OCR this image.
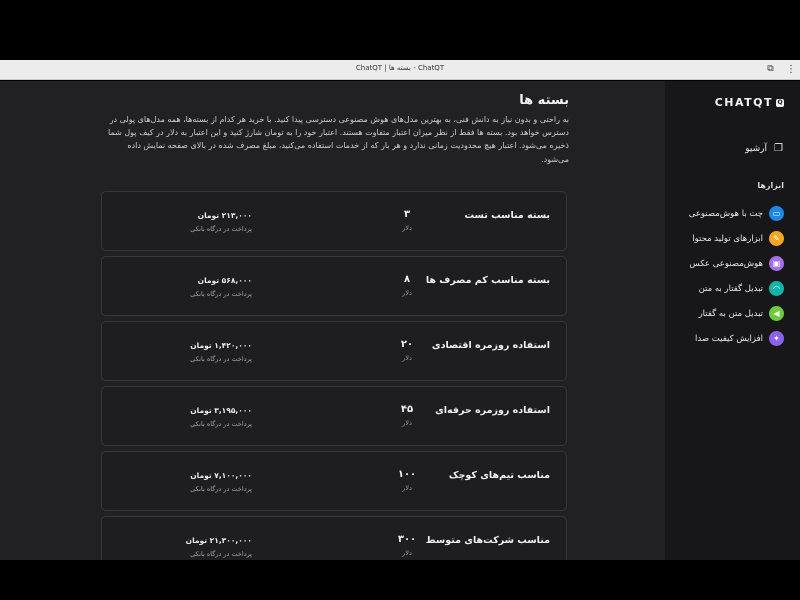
ChatQT - بسته ها | ChatQT	⧉ ⋮
CHATQT Q
❐
آرشیو
ابزارها
▭
چت با هوش‌مصنوعی
✎
ابزارهای تولید محتوا
▣
هوش‌مصنوعی عکس
◠
تبدیل گفتار به متن
◀
تبدیل متن به گفتار
✦
افزایش کیفیت صدا
بسته ها

به راحتی و بدون نیاز به دانش فنی، به بهترین مدل‌های هوش مصنوعی دسترسی پیدا کنید. با خرید هر کدام از بسته‌ها، همه مدل‌های پولی در دسترس خواهد بود. بسته ها فقط از نظر میزان اعتبار متفاوت هستند. اعتبار خود را به تومان شارژ کنید و این اعتبار به دلار در کیف پول شما ذخیره می‌شود. اعتبار هیچ محدودیت زمانی ندارد و هر بار که از خدمات استفاده می‌کنید، مبلغ مصرف شده در بالای صفحه نمایش داده می‌شود.

بسته مناسب تست
۳
دلار
۲۱۳,۰۰۰ تومان
پرداخت در درگاه بانکی
بسته مناسب کم مصرف ها
۸
دلار
۵۶۸,۰۰۰ تومان
پرداخت در درگاه بانکی
استفاده روزمره اقتصادی
۲۰
دلار
۱,۴۲۰,۰۰۰ تومان
پرداخت در درگاه بانکی
استفاده روزمره حرفه‌ای
۴۵
دلار
۳,۱۹۵,۰۰۰ تومان
پرداخت در درگاه بانکی
مناسب تیم‌های کوچک
۱۰۰
دلار
۷,۱۰۰,۰۰۰ تومان
پرداخت در درگاه بانکی
مناسب شرکت‌های متوسط
۳۰۰
دلار
۲۱,۳۰۰,۰۰۰ تومان
پرداخت در درگاه بانکی
